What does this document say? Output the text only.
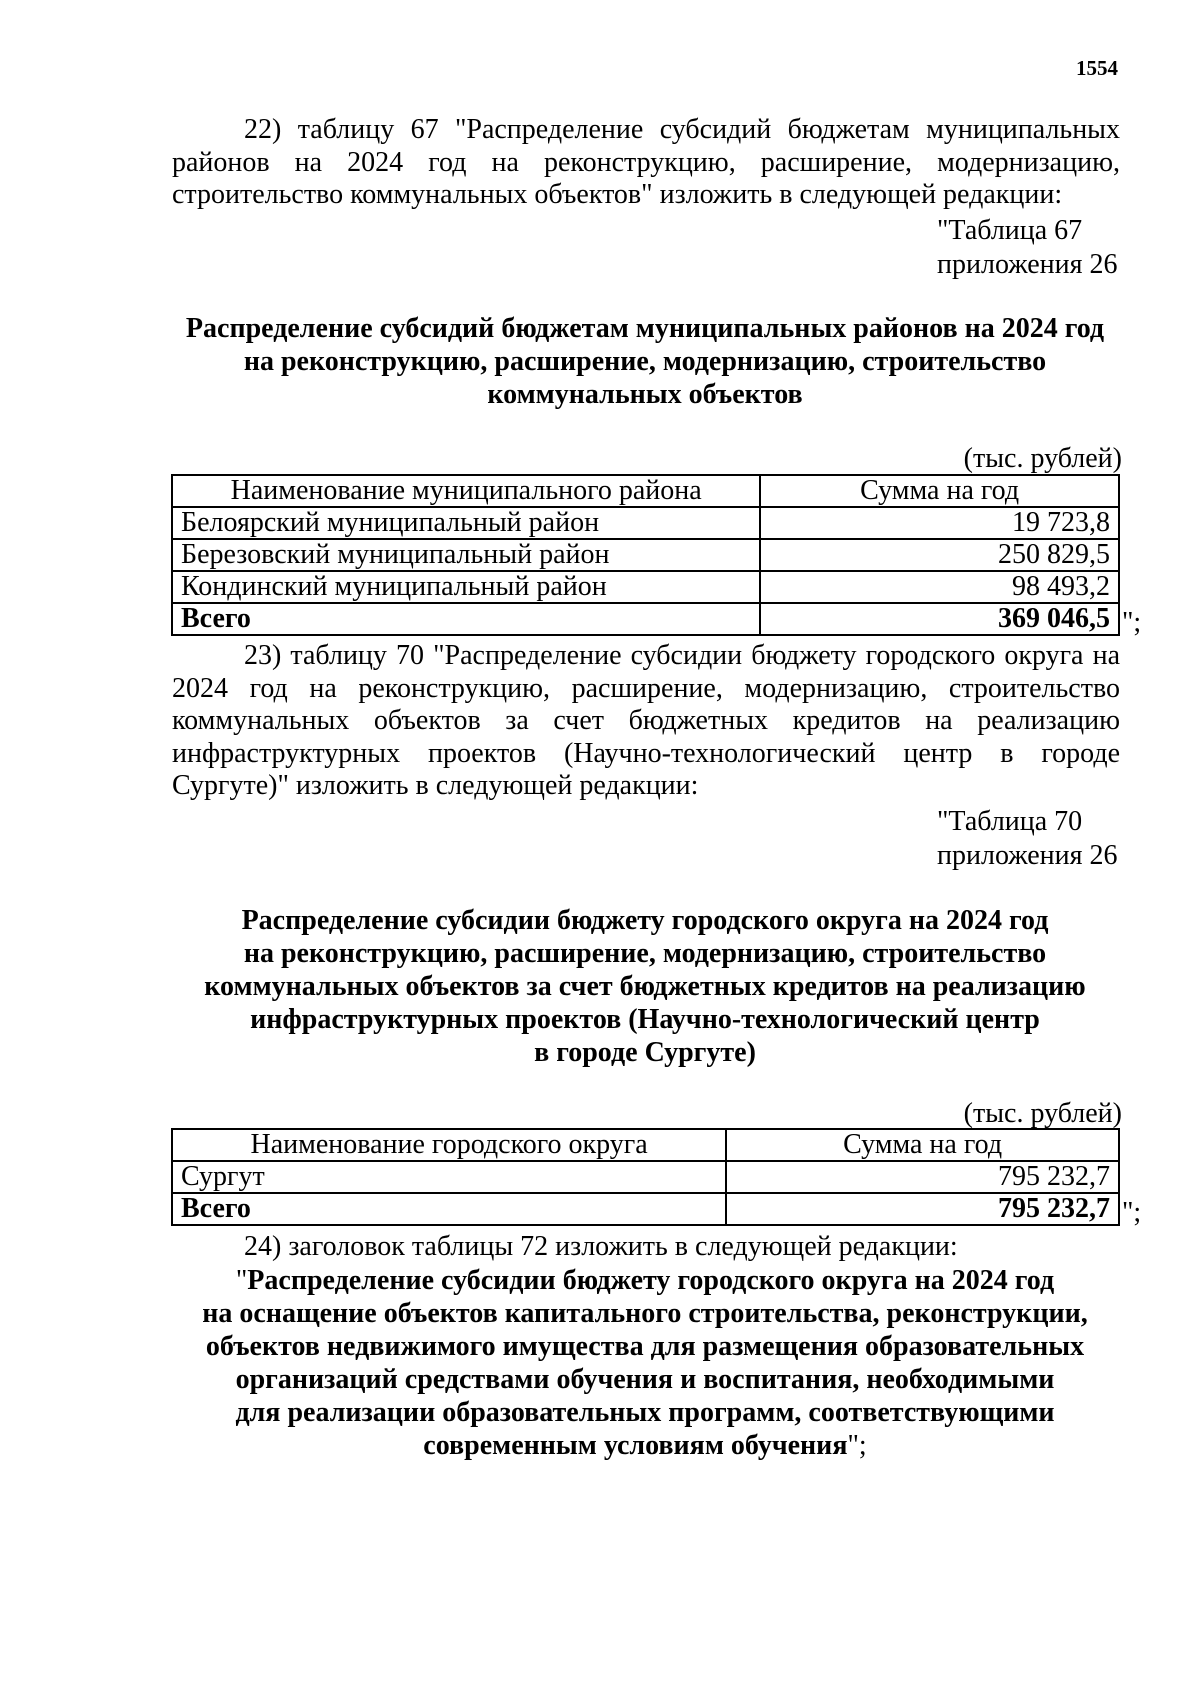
1554
22) таблицу 67 "Распределение субсидий бюджетам муниципальных районов на 2024 год на реконструкцию, расширение, модернизацию, строительство коммунальных объектов" изложить в следующей редакции:
"Таблица 67
приложения 26
Распределение субсидий бюджетам муниципальных районов на 2024 год
на реконструкцию, расширение, модернизацию, строительство
коммунальных объектов
(тыс. рублей)
Наименование муниципального района	Сумма на год
Белоярский муниципальный район	19 723,8
Березовский муниципальный район	250 829,5
Кондинский муниципальный район	98 493,2
Всего	369 046,5 ";
23) таблицу 70 "Распределение субсидии бюджету городского округа на 2024 год на реконструкцию, расширение, модернизацию, строительство коммунальных объектов за счет бюджетных кредитов на реализацию инфраструктурных проектов (Научно-технологический центр в городе Сургуте)" изложить в следующей редакции:
"Таблица 70
приложения 26
Распределение субсидии бюджету городского округа на 2024 год
на реконструкцию, расширение, модернизацию, строительство
коммунальных объектов за счет бюджетных кредитов на реализацию
инфраструктурных проектов (Научно-технологический центр
в городе Сургуте)
(тыс. рублей)
Наименование городского округа	Сумма на год
Сургут	795 232,7
Всего	795 232,7 ";
24) заголовок таблицы 72 изложить в следующей редакции:
"Распределение субсидии бюджету городского округа на 2024 год
на оснащение объектов капитального строительства, реконструкции,
объектов недвижимого имущества для размещения образовательных
организаций средствами обучения и воспитания, необходимыми
для реализации образовательных программ, соответствующими
современным условиям обучения";
